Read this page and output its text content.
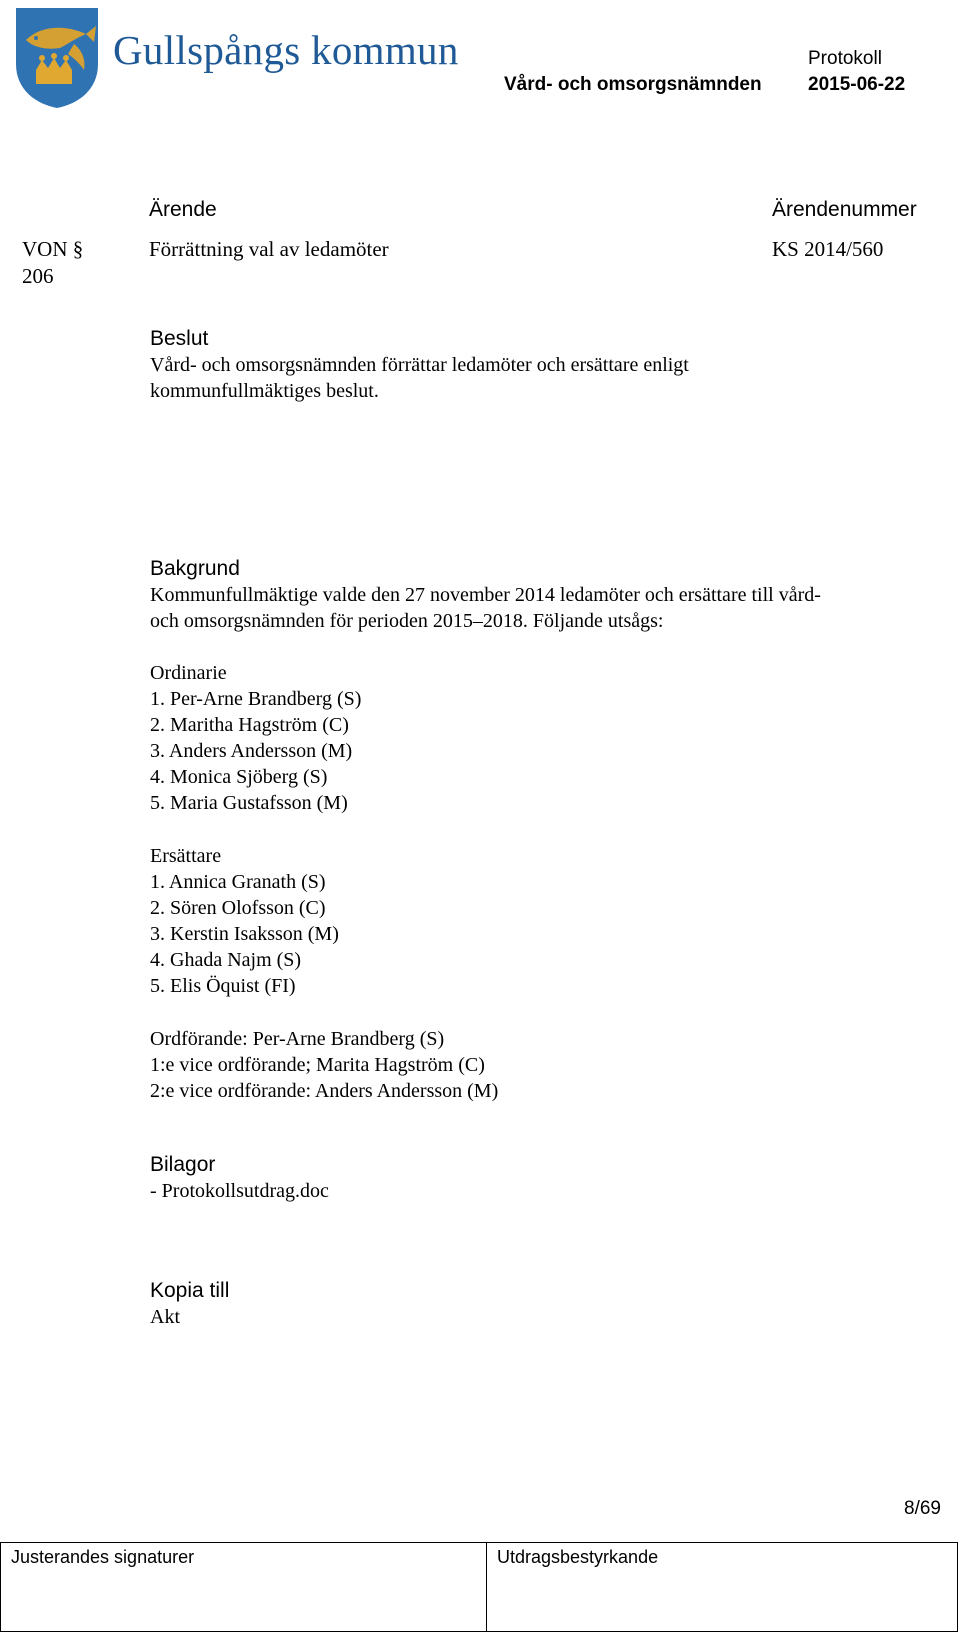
Gullspångs kommun	Protokoll
Vård- och omsorgsnämnden 2015-06-22
Ärende	Ärendenummer
VON § 206
Förrättning val av ledamöter	KS 2014/560
Beslut
Vård- och omsorgsnämnden förrättar ledamöter och ersättare enligt
kommunfullmäktiges beslut.
Bakgrund
Kommunfullmäktige valde den 27 november 2014 ledamöter och ersättare till vård-
och omsorgsnämnden för perioden 2015‒2018. Följande utsågs:
Ordinarie
1. Per-Arne Brandberg (S)
2. Maritha Hagström (C)
3. Anders Andersson (M)
4. Monica Sjöberg (S)
5. Maria Gustafsson (M)
Ersättare
1. Annica Granath (S)
2. Sören Olofsson (C)
3. Kerstin Isaksson (M)
4. Ghada Najm (S)
5. Elis Öquist (FI)
Ordförande: Per-Arne Brandberg (S)
1:e vice ordförande; Marita Hagström (C)
2:e vice ordförande: Anders Andersson (M)
Bilagor
- Protokollsutdrag.doc
Kopia till
Akt
8/69
Justerandes signaturer	Utdragsbestyrkande
